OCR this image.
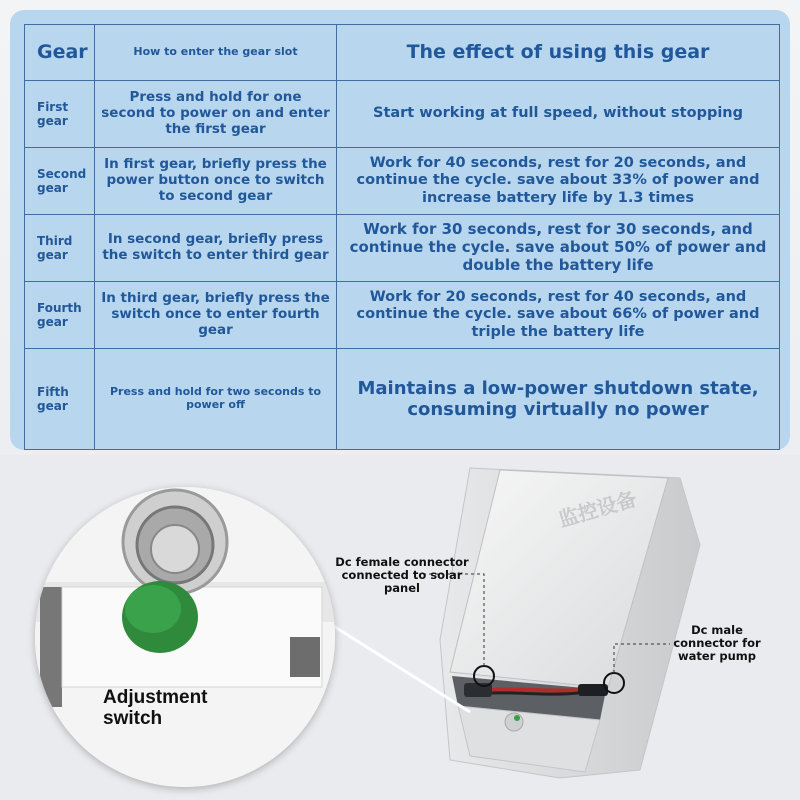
Gear	How to enter the gear slot	The effect of using this gear
First gear
Press and hold for one second to power on and enter the first gear
Start working at full speed, without stopping
Second gear
In first gear, briefly press the power button once to switch to second gear
Work for 40 seconds, rest for 20 seconds, and continue the cycle. save about 33% of power and increase battery life by 1.3 times
Third gear
In second gear, briefly press the switch to enter third gear
Work for 30 seconds, rest for 30 seconds, and continue the cycle. save about 50% of power and double the battery life
Fourth gear
In third gear, briefly press the switch once to enter fourth gear
Work for 20 seconds, rest for 40 seconds, and continue the cycle. save about 66% of power and triple the battery life
Fifth gear
Press and hold for two seconds to power off
Maintains a low-power shutdown state, consuming virtually no power
监控设备
Adjustment switch
Dc female connector connected to solar panel
Dc male connector for water pump
